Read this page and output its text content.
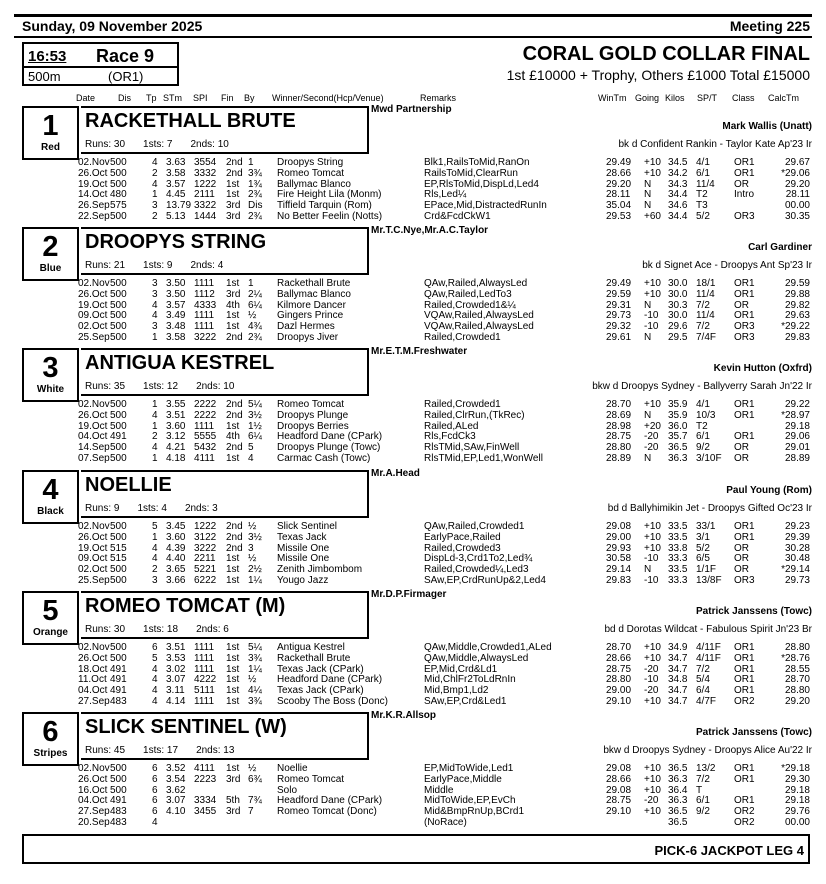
Sunday, 09 November 2025	Meeting 225
16:53 Race 9
500m	(OR1)
CORAL GOLD COLLAR FINAL
1st £10000 + Trophy, Others £1000 Total £15000
Date	Dis Tp STm SPI Fin By Winner/Second(Hcp/Venue)	Remarks	WinTm Going Kilos SP/T Class CalcTm
1
Red
RACKETHALL BRUTE
Runs: 30 1sts: 7 2nds: 10
Mwd Partnership
Mark Wallis (Unatt)
bk d Confident Rankin - Taylor Kate Ap'23 Ir
02.Nov 500	4 3.63 3554 2nd 1 Droopys String	Blk1,RailsToMid,RanOn	29.49 +10 34.5 4/1 OR1	29.67
26.Oct 500	2 3.58 3332 2nd 3¾ Romeo Tomcat	RailsToMid,ClearRun	28.66 +10 34.2 6/1 OR1	*29.06
19.Oct 500	4 3.57 1222 1st 1¾ Ballymac Blanco	EP,RlsToMid,DispLd,Led4	29.20 N 34.3 11/4 OR	29.20
14.Oct 480	1 4.45 2111 1st 2¾ Fire Height Lila (Monm)	Rls,Led¼	28.11 N 34.4 T2	Intro	28.11
26.Sep 575	3 13.79 3322 3rd Dis Tiffield Tarquin (Rom)	EPace,Mid,DistractedRunIn	35.04 N 34.6 T3	00.00
22.Sep 500	2 5.13 1444 3rd 2¾ No Better Feelin (Notts)	Crd&FcdCkW1	29.53 +60 34.4 5/2 OR3	30.35
2
Blue
DROOPYS STRING
Runs: 21 1sts: 9 2nds: 4
Mr.T.C.Nye,Mr.A.C.Taylor
Carl Gardiner
bk d Signet Ace - Droopys Ant Sp'23 Ir
02.Nov 500	3 3.50 1111 1st 1 Rackethall Brute	QAw,Railed,AlwaysLed	29.49 +10 30.0 18/1 OR1	29.59
26.Oct 500	3 3.50 1112 3rd 2¼ Ballymac Blanco	QAw,Railed,LedTo3	29.59 +10 30.0 11/4 OR1	29.88
19.Oct 500	4 3.57 4333 4th 6¼ Kilmore Dancer	Railed,Crowded1&¼	29.31 N 30.3 7/2 OR	29.82
09.Oct 500	4 3.49 1111 1st ½ Gingers Prince	VQAw,Railed,AlwaysLed	29.73 -10 30.0 11/4 OR1	29.63
02.Oct 500	3 3.48 1111 1st 4¾ Dazl Hermes	VQAw,Railed,AlwaysLed	29.32 -10 29.6 7/2 OR3	*29.22
25.Sep 500	1 3.58 3222 2nd 2¾ Droopys Jiver	Railed,Crowded1	29.61 N 29.5 7/4F OR3	29.83
3
White
ANTIGUA KESTREL
Runs: 35 1sts: 12 2nds: 10
Mr.E.T.M.Freshwater
Kevin Hutton (Oxfrd)
bkw d Droopys Sydney - Ballyverry Sarah Jn'22 Ir
02.Nov 500	1 3.55 2222 2nd 5¼ Romeo Tomcat	Railed,Crowded1	28.70 +10 35.9 4/1 OR1	29.22
26.Oct 500	4 3.51 2222 2nd 3½ Droopys Plunge	Railed,ClrRun,(TkRec)	28.69 N 35.9 10/3 OR1	*28.97
19.Oct 500	1 3.60 1111 1st 1½ Droopys Berries	Railed,ALed	28.98 +20 36.0 T2	29.18
04.Oct 491	2 3.12 5555 4th 6¼ Headford Dane (CPark)	Rls,FcdCk3	28.75 -20 35.7 6/1 OR1	29.06
14.Sep 500	4 4.21 5432 2nd 5 Droopys Plunge (Towc)	RlsTMid,SAw,FinWell	28.80 -20 36.5 9/2 OR	29.01
07.Sep 500	1 4.18 4111 1st 4 Carmac Cash (Towc)	RlsTMid,EP,Led1,WonWell	28.89 N 36.3 3/10F OR	28.89
4
Black
NOELLIE
Runs: 9 1sts: 4 2nds: 3
Mr.A.Head
Paul Young (Rom)
bd d Ballyhimikin Jet - Droopys Gifted Oc'23 Ir
02.Nov 500	5 3.45 1222 2nd ½ Slick Sentinel	QAw,Railed,Crowded1	29.08 +10 33.5 33/1 OR1	29.23
26.Oct 500	1 3.60 3122 2nd 3½ Texas Jack	EarlyPace,Railed	29.00 +10 33.5 3/1 OR1	29.39
19.Oct 515	4 4.39 3222 2nd 3 Missile One	Railed,Crowded3	29.93 +10 33.8 5/2 OR	30.28
09.Oct 515	4 4.40 2211 1st ½ Missile One	DispLd-3,Crd1To2,Led¾	30.58 -10 33.3 6/5 OR	30.48
02.Oct 500	2 3.65 5221 1st 2½ Zenith Jimbombom	Railed,Crowded¼,Led3	29.14 N 33.5 1/1F OR	*29.14
25.Sep 500	3 3.66 6222 1st 1¼ Yougo Jazz	SAw,EP,CrdRunUp&2,Led4	29.83 -10 33.3 13/8F OR3	29.73
5
Orange
ROMEO TOMCAT (M)
Runs: 30 1sts: 18 2nds: 6
Mr.D.P.Firmager
Patrick Janssens (Towc)
bd d Dorotas Wildcat - Fabulous Spirit Jn'23 Br
02.Nov 500	6 3.51 1111 1st 5¼ Antigua Kestrel	QAw,Middle,Crowded1,ALed	28.70 +10 34.9 4/11F OR1	28.80
26.Oct 500	5 3.53 1111 1st 3¾ Rackethall Brute	QAw,Middle,AlwaysLed	28.66 +10 34.7 4/11F OR1	*28.76
18.Oct 491	4 3.02 1111 1st 1¼ Texas Jack (CPark)	EP,Mid,Crd&Ld1	28.75 -20 34.7 7/2 OR1	28.55
11.Oct 491	4 3.07 4222 1st ½ Headford Dane (CPark)	Mid,ChlFr2ToLdRnIn	28.80 -10 34.8 5/4 OR1	28.70
04.Oct 491	4 3.11 5111 1st 4¼ Texas Jack (CPark)	Mid,Bmp1,Ld2	29.00 -20 34.7 6/4 OR1	28.80
27.Sep 483	4 4.14 1111 1st 3¾ Scooby The Boss (Donc)	SAw,EP,Crd&Led1	29.10 +10 34.7 4/7F OR2	29.20
6
Stripes
SLICK SENTINEL (W)
Runs: 45 1sts: 17 2nds: 13
Mr.K.R.Allsop
Patrick Janssens (Towc)
bkw d Droopys Sydney - Droopys Alice Au'22 Ir
02.Nov 500	6 3.52 4111 1st ½ Noellie	EP,MidToWide,Led1	29.08 +10 36.5 13/2 OR1	*29.18
26.Oct 500	6 3.54 2223 3rd 6¾ Romeo Tomcat	EarlyPace,Middle	28.66 +10 36.3 7/2 OR1	29.30
16.Oct 500	6 3.62	Solo	Middle	29.08 +10 36.4 T	29.18
04.Oct 491	6 3.07 3334 5th 7¾ Headford Dane (CPark)	MidToWide,EP,EvCh	28.75 -20 36.3 6/1 OR1	29.18
27.Sep 483	6 4.10 3455 3rd 7 Romeo Tomcat (Donc)	Mid&BmpRnUp,BCrd1	29.10 +10 36.5 9/2 OR2	29.76
20.Sep 483	4	(NoRace)	36.5	OR2	00.00
PICK-6 JACKPOT LEG 4
